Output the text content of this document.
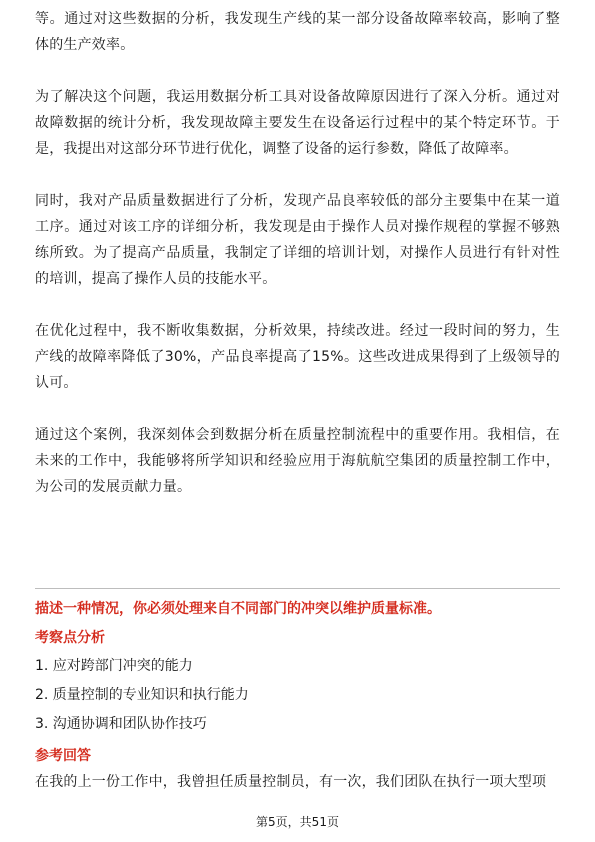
等。通过对这些数据的分析，我发现生产线的某一部分设备故障率较高，影响了整体的生产效率。

为了解决这个问题，我运用数据分析工具对设备故障原因进行了深入分析。通过对故障数据的统计分析，我发现故障主要发生在设备运行过程中的某个特定环节。于是，我提出对这部分环节进行优化，调整了设备的运行参数，降低了故障率。

同时，我对产品质量数据进行了分析，发现产品良率较低的部分主要集中在某一道工序。通过对该工序的详细分析，我发现是由于操作人员对操作规程的掌握不够熟练所致。为了提高产品质量，我制定了详细的培训计划，对操作人员进行有针对性的培训，提高了操作人员的技能水平。

在优化过程中，我不断收集数据，分析效果，持续改进。经过一段时间的努力，生产线的故障率降低了30%，产品良率提高了15%。这些改进成果得到了上级领导的认可。

通过这个案例，我深刻体会到数据分析在质量控制流程中的重要作用。我相信，在未来的工作中，我能够将所学知识和经验应用于海航航空集团的质量控制工作中，为公司的发展贡献力量。

描述一种情况，你必须处理来自不同部门的冲突以维护质量标准。
考察点分析
1. 应对跨部门冲突的能力
2. 质量控制的专业知识和执行能力
3. 沟通协调和团队协作技巧
参考回答
在我的上一份工作中，我曾担任质量控制员，有一次，我们团队在执行一项大型项
第5页，共51页
